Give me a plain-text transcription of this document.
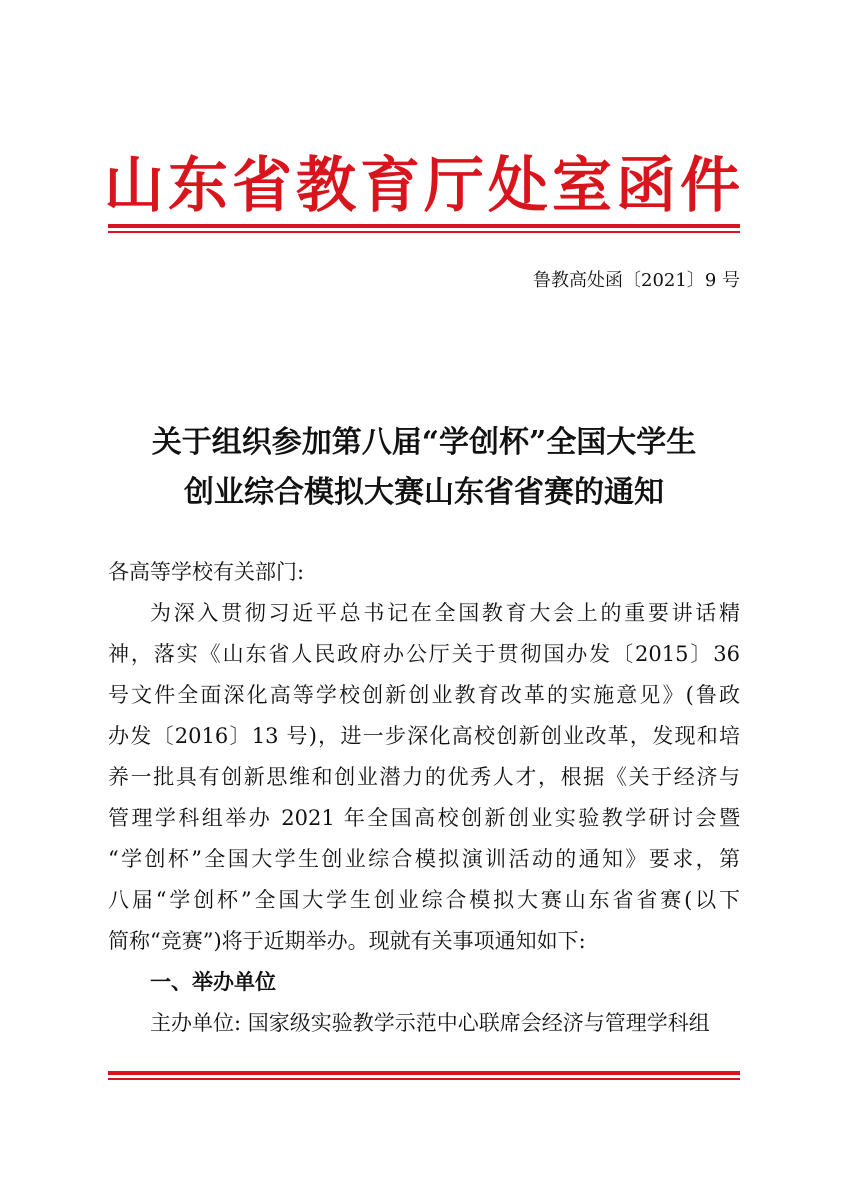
山东省教育厅处室函件
鲁教高处函〔2021〕9 号
关于组织参加第八届“学创杯”全国大学生
创业综合模拟大赛山东省省赛的通知
各高等学校有关部门:
为深入贯彻习近平总书记在全国教育大会上的重要讲话精
神，落实《山东省人民政府办公厅关于贯彻国办发〔2015〕36
号文件全面深化高等学校创新创业教育改革的实施意见》(鲁政
办发〔2016〕13 号)，进一步深化高校创新创业改革，发现和培
养一批具有创新思维和创业潜力的优秀人才，根据《关于经济与
管理学科组举办 2021 年全国高校创新创业实验教学研讨会暨
“学创杯”全国大学生创业综合模拟演训活动的通知》要求，第
八届“学创杯”全国大学生创业综合模拟大赛山东省省赛(以下
简称“竞赛”)将于近期举办。现就有关事项通知如下:
一、举办单位
主办单位: 国家级实验教学示范中心联席会经济与管理学科组
